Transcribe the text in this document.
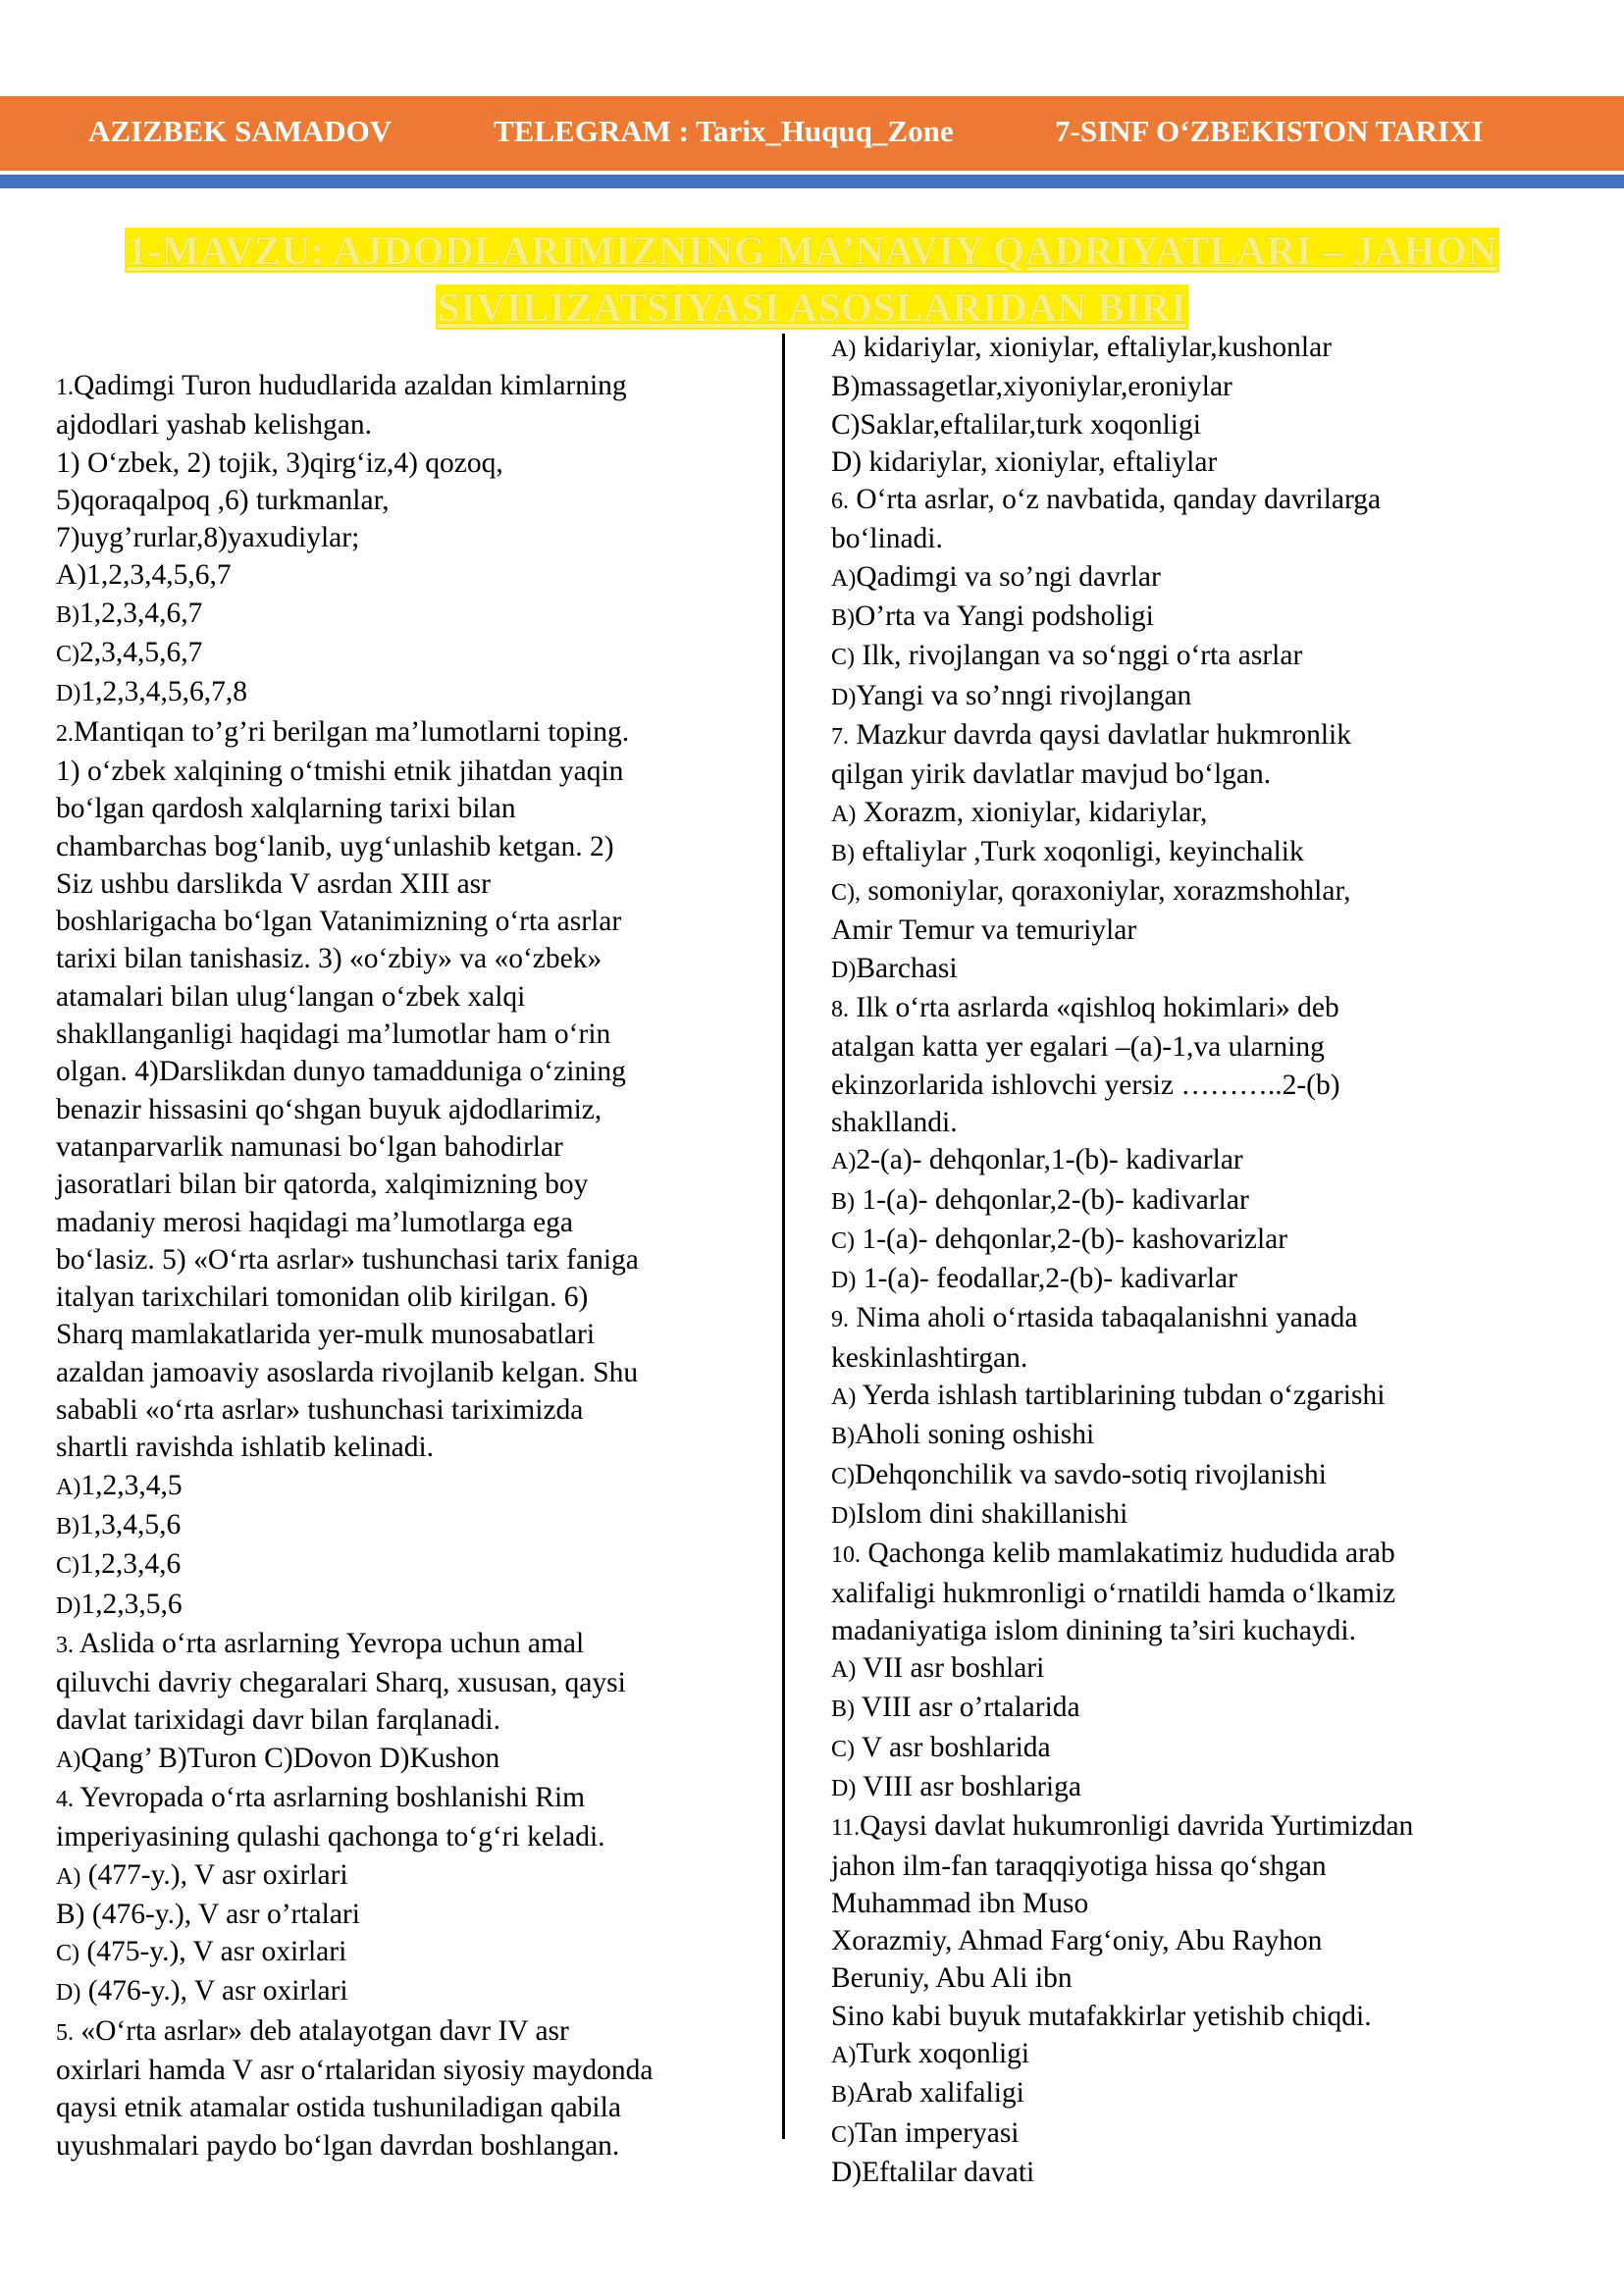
AZIZBEK SAMADOV	TELEGRAM : Tarix_Huquq_Zone	7-SINF O‘ZBEKISTON TARIXI
1-MAVZU: AJDODLARIMIZNING MA’NAVIY QADRIYATLARI – JAHON
SIVILIZATSIYASI ASOSLARIDAN BIRI
1.Qadimgi Turon hududlarida azaldan kimlarning
ajdodlari yashab kelishgan.
1) O‘zbek, 2) tojik, 3)qirg‘iz,4) qozoq,
5)qoraqalpoq ,6) turkmanlar,
7)uyg’rurlar,8)yaxudiylar;
A)1,2,3,4,5,6,7
B)1,2,3,4,6,7
C)2,3,4,5,6,7
D)1,2,3,4,5,6,7,8
2.Mantiqan to’g’ri berilgan ma’lumotlarni toping.
1) o‘zbek xalqining o‘tmishi etnik jihatdan yaqin
bo‘lgan qardosh xalqlarning tarixi bilan
chambarchas bog‘lanib, uyg‘unlashib ketgan. 2)
Siz ushbu darslikda V asrdan XIII asr
boshlarigacha bo‘lgan Vatanimizning o‘rta asrlar
tarixi bilan tanishasiz. 3) «o‘zbiy» va «o‘zbek»
atamalari bilan ulug‘langan o‘zbek xalqi
shakllanganligi haqidagi ma’lumotlar ham o‘rin
olgan. 4)Darslikdan dunyo tamadduniga o‘zining
benazir hissasini qo‘shgan buyuk ajdodlarimiz,
vatanparvarlik namunasi bo‘lgan bahodirlar
jasoratlari bilan bir qatorda, xalqimizning boy
madaniy merosi haqidagi ma’lumotlarga ega
bo‘lasiz. 5) «O‘rta asrlar» tushunchasi tarix faniga
italyan tarixchilari tomonidan olib kirilgan. 6)
Sharq mamlakatlarida yer-mulk munosabatlari
azaldan jamoaviy asoslarda rivojlanib kelgan. Shu
sababli «o‘rta asrlar» tushunchasi tariximizda
shartli ravishda ishlatib kelinadi.
A)1,2,3,4,5
B)1,3,4,5,6
C)1,2,3,4,6
D)1,2,3,5,6
3. Aslida o‘rta asrlarning Yevropa uchun amal
qiluvchi davriy chegaralari Sharq, xususan, qaysi
davlat tarixidagi davr bilan farqlanadi.
A)Qang’ B)Turon C)Dovon D)Kushon
4. Yevropada o‘rta asrlarning boshlanishi Rim
imperiyasining qulashi qachonga to‘g‘ri keladi.
A) (477-y.), V asr oxirlari
B) (476-y.), V asr o’rtalari
C) (475-y.), V asr oxirlari
D) (476-y.), V asr oxirlari
5. «O‘rta asrlar» deb atalayotgan davr IV asr
oxirlari hamda V asr o‘rtalaridan siyosiy maydonda
qaysi etnik atamalar ostida tushuniladigan qabila
uyushmalari paydo bo‘lgan davrdan boshlangan.
A) kidariylar, xioniylar, eftaliylar,kushonlar
B)massagetlar,xiyoniylar,eroniylar
C)Saklar,eftalilar,turk xoqonligi
D) kidariylar, xioniylar, eftaliylar
6. O‘rta asrlar, o‘z navbatida, qanday davrilarga
bo‘linadi.
A)Qadimgi va so’ngi davrlar
B)O’rta va Yangi podsholigi
C) Ilk, rivojlangan va so‘nggi o‘rta asrlar
D)Yangi va so’nngi rivojlangan
7. Mazkur davrda qaysi davlatlar hukmronlik
qilgan yirik davlatlar mavjud bo‘lgan.
A) Xorazm, xioniylar, kidariylar,
B) eftaliylar ,Turk xoqonligi, keyinchalik
C), somoniylar, qoraxoniylar, xorazmshohlar,
Amir Temur va temuriylar
D)Barchasi
8. Ilk o‘rta asrlarda «qishloq hokimlari» deb
atalgan katta yer egalari –(a)-1,va ularning
ekinzorlarida ishlovchi yersiz ………..2-(b)
shakllandi.
A)2-(a)- dehqonlar,1-(b)- kadivarlar
B) 1-(a)- dehqonlar,2-(b)- kadivarlar
C) 1-(a)- dehqonlar,2-(b)- kashovarizlar
D) 1-(a)- feodallar,2-(b)- kadivarlar
9. Nima aholi o‘rtasida tabaqalanishni yanada
keskinlashtirgan.
A) Yerda ishlash tartiblarining tubdan o‘zgarishi
B)Aholi soning oshishi
C)Dehqonchilik va savdo-sotiq rivojlanishi
D)Islom dini shakillanishi
10. Qachonga kelib mamlakatimiz hududida arab
xalifaligi hukmronligi o‘rnatildi hamda o‘lkamiz
madaniyatiga islom dinining ta’siri kuchaydi.
A) VII asr boshlari
B) VIII asr o’rtalarida
C) V asr boshlarida
D) VIII asr boshlariga
11.Qaysi davlat hukumronligi davrida Yurtimizdan
jahon ilm-fan taraqqiyotiga hissa qo‘shgan
Muhammad ibn Muso
Xorazmiy, Ahmad Farg‘oniy, Abu Rayhon
Beruniy, Abu Ali ibn
Sino kabi buyuk mutafakkirlar yetishib chiqdi.
A)Turk xoqonligi
B)Arab xalifaligi
C)Tan imperyasi
D)Eftalilar davati
